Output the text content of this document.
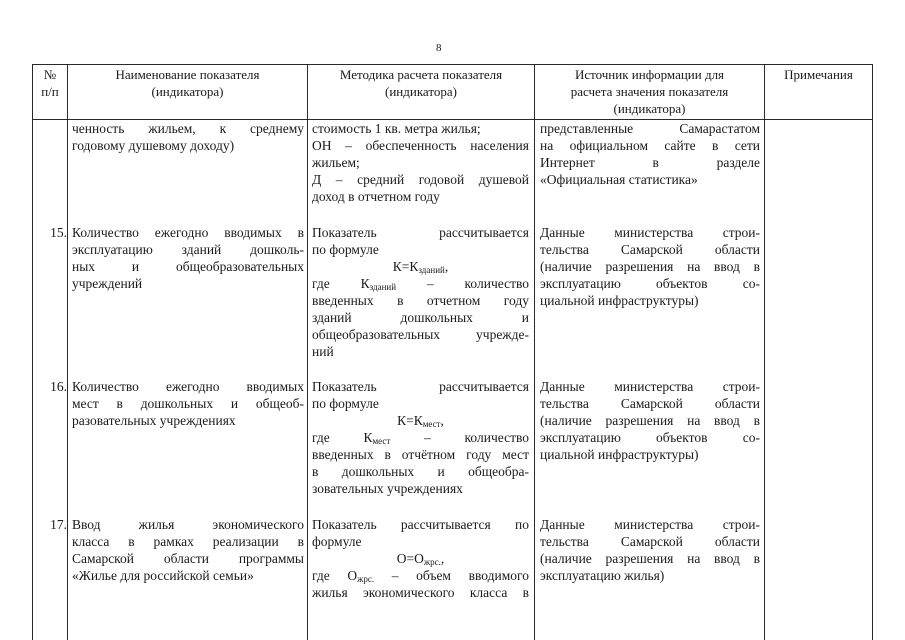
8
№
п/п
Наименование показателя
(индикатора)
Методика расчета показателя
(индикатора)
Источник информации для
расчета значения показателя
(индикатора)
Примечания
ченность жильем, к среднему
годовому душевому доходу)
стоимость 1 кв. метра жилья;
ОН – обеспеченность населения
жильем;
Д – средний годовой душевой
доход в отчетном году
представленные Самарастатом
на официальном сайте в сети
Интернет в разделе
«Официальная статистика»
15. Количество ежегодно вводимых в
эксплуатацию зданий дошколь-
ных и общеобразовательных
учреждений
Показатель рассчитывается
по формуле
$К=К_{зданий}$,
где $К_{зданий}$ – количество
введенных в отчетном году
зданий дошкольных и
общеобразовательных учрежде-
ний
Данные министерства строи-
тельства Самарской области
(наличие разрешения на ввод в
эксплуатацию объектов со-
циальной инфраструктуры)
16. Количество ежегодно вводимых
мест в дошкольных и общеоб-
разовательных учреждениях
Показатель рассчитывается
по формуле
$К=К_{мест}$,
где $К_{мест}$ – количество
введенных в отчётном году мест
в дошкольных и общеобра-
зовательных учреждениях
Данные министерства строи-
тельства Самарской области
(наличие разрешения на ввод в
эксплуатацию объектов со-
циальной инфраструктуры)
17. Ввод жилья экономического
класса в рамках реализации в
Самарской области программы
«Жилье для российской семьи»
Показатель рассчитывается по
формуле
$О=О_{жрс.}$,
где $О_{жрс.}$ – объем вводимого
жилья экономического класса в
Данные министерства строи-
тельства Самарской области
(наличие разрешения на ввод в
эксплуатацию жилья)
